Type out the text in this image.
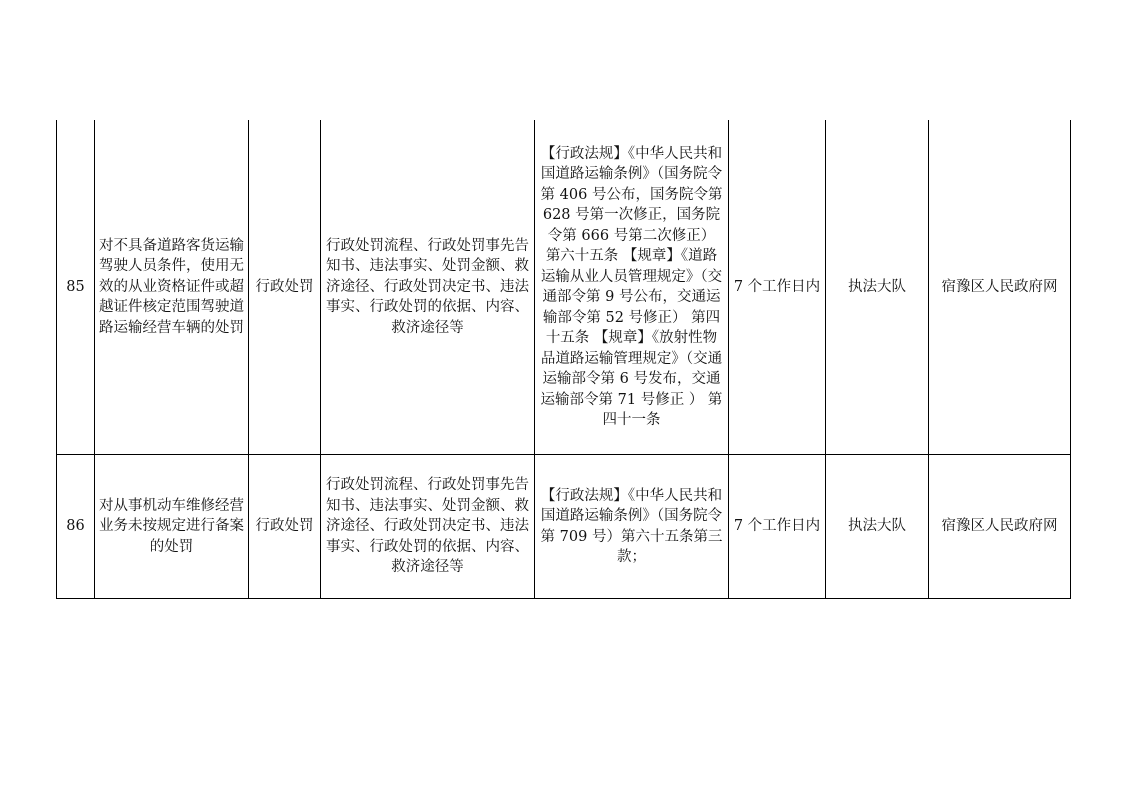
85	对不具备道路客货运输驾驶人员条件，使用无效的从业资格证件或超越证件核定范围驾驶道路运输经营车辆的处罚	行政处罚	行政处罚流程、行政处罚事先告知书、违法事实、处罚金额、救济途径、行政处罚决定书、违法事实、行政处罚的依据、内容、救济途径等	【行政法规】《中华人民共和国道路运输条例》（国务院令第 406 号公布，国务院令第 628 号第一次修正，国务院令第 666 号第二次修正） 第六十五条 【规章】《道路运输从业人员管理规定》（交通部令第 9 号公布，交通运输部令第 52 号修正） 第四十五条 【规章】《放射性物品道路运输管理规定》（交通运输部令第 6 号发布，交通运输部令第 71 号修正 ） 第四十一条	7 个工作日内	执法大队	宿豫区人民政府网
86	对从事机动车维修经营业务未按规定进行备案的处罚	行政处罚	行政处罚流程、行政处罚事先告知书、违法事实、处罚金额、救济途径、行政处罚决定书、违法事实、行政处罚的依据、内容、救济途径等	【行政法规】《中华人民共和国道路运输条例》（国务院令第 709 号）第六十五条第三款；	7 个工作日内	执法大队	宿豫区人民政府网
